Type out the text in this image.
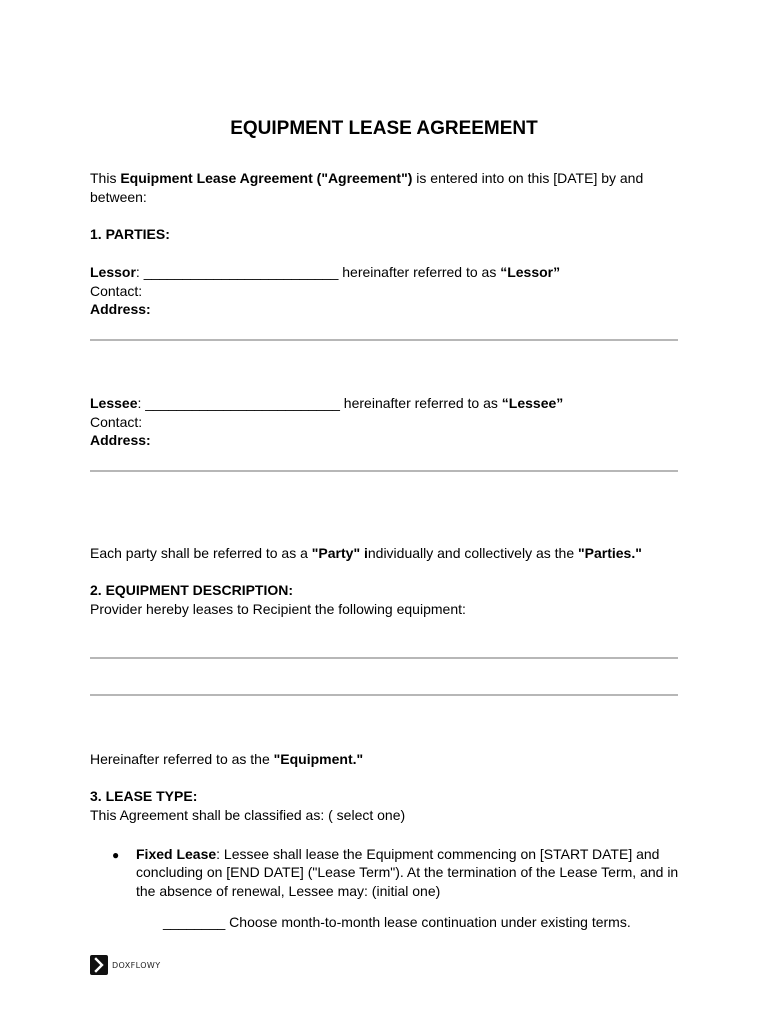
EQUIPMENT LEASE AGREEMENT
This Equipment Lease Agreement ("Agreement") is entered into on this [DATE] by and
between:
1. PARTIES:
Lessor: _________________________ hereinafter referred to as “Lessor”
Contact:
Address:
Lessee: _________________________ hereinafter referred to as “Lessee”
Contact:
Address:
Each party shall be referred to as a "Party" individually and collectively as the "Parties."
2. EQUIPMENT DESCRIPTION:
Provider hereby leases to Recipient the following equipment:
Hereinafter referred to as the "Equipment."
3. LEASE TYPE:
This Agreement shall be classified as: ( select one)
● Fixed Lease: Lessee shall lease the Equipment commencing on [START DATE] and
concluding on [END DATE] ("Lease Term"). At the termination of the Lease Term, and in
the absence of renewal, Lessee may: (initial one)
________ Choose month-to-month lease continuation under existing terms.
DOXFLOWY
